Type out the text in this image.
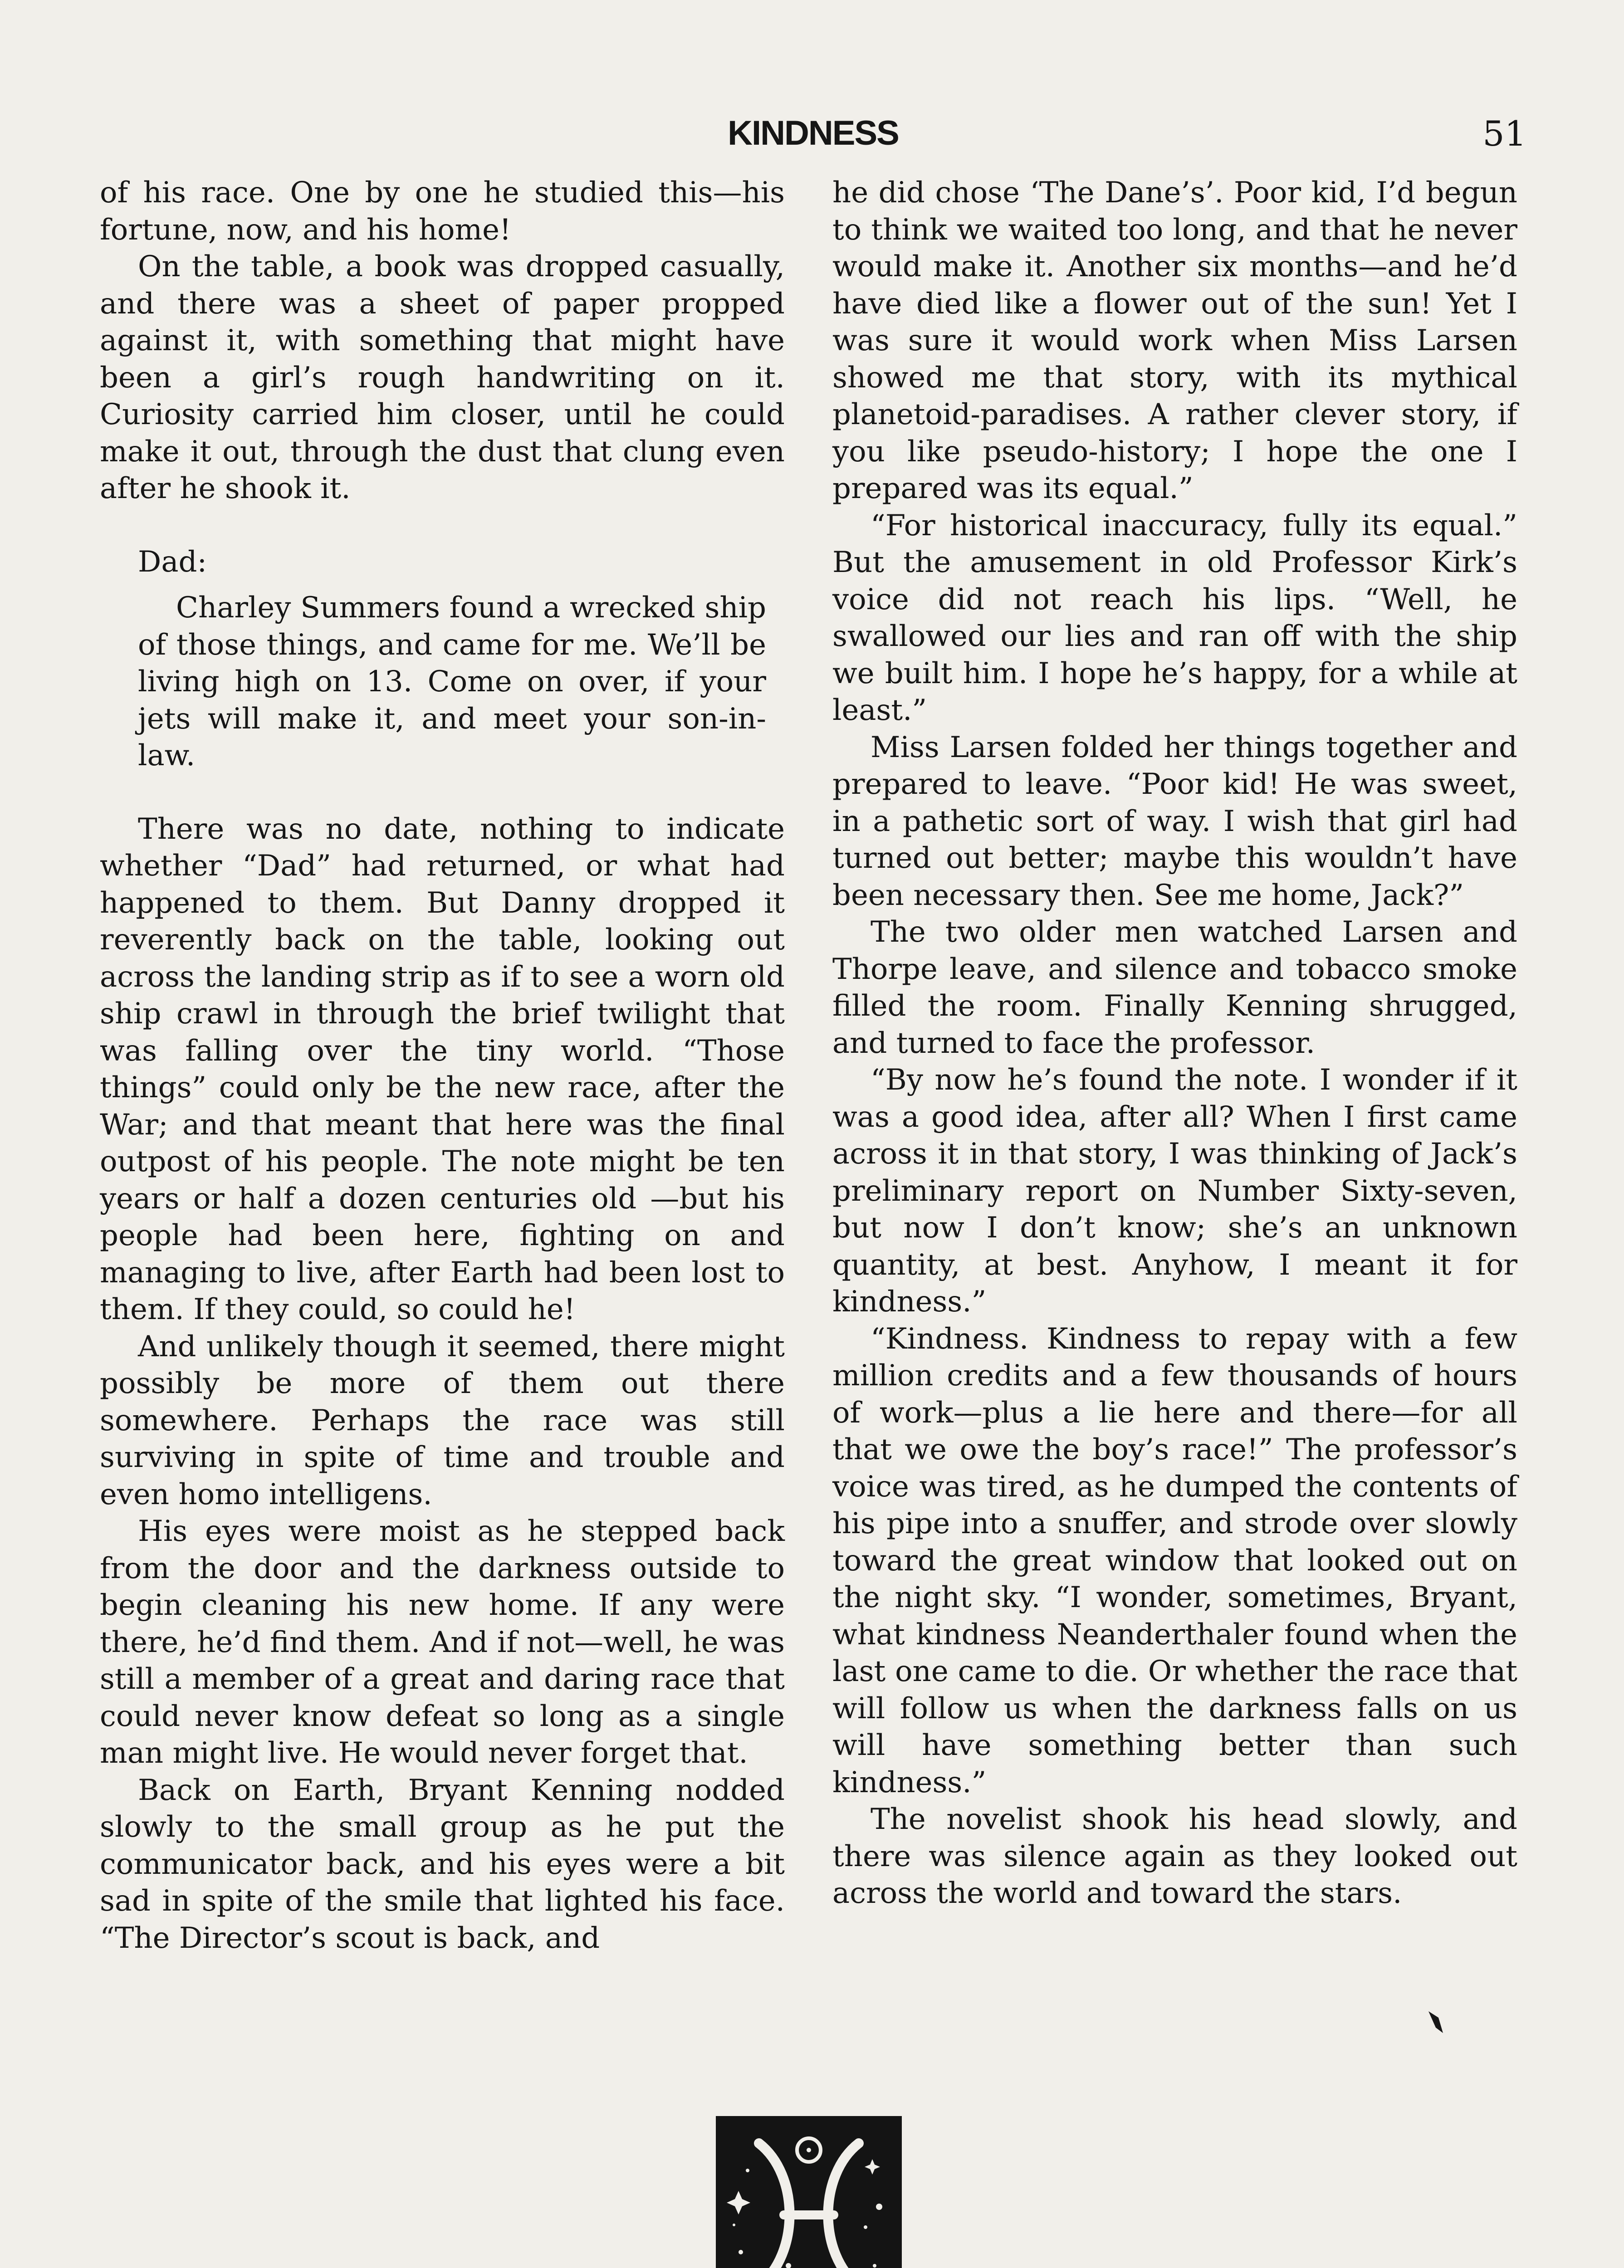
KINDNESS	51

of his race. One by one he studied this—his fortune, now, and his home!

On the table, a book was dropped casually, and there was a sheet of paper propped against it, with something that might have been a girl’s rough handwriting on it. Curiosity carried him closer, until he could make it out, through the dust that clung even after he shook it.

Dad:

Charley Summers found a wrecked ship of those things, and came for me. We’ll be living high on 13. Come on over, if your jets will make it, and meet your son-in-law.

There was no date, nothing to indicate whether “Dad” had returned, or what had happened to them. But Danny dropped it reverently back on the table, looking out across the landing strip as if to see a worn old ship crawl in through the brief twilight that was falling over the tiny world. “Those things” could only be the new race, after the War; and that meant that here was the final outpost of his people. The note might be ten years or half a dozen centuries old —but his people had been here, fighting on and managing to live, after Earth had been lost to them. If they could, so could he!

And unlikely though it seemed, there might possibly be more of them out there somewhere. Perhaps the race was still surviving in spite of time and trouble and even homo intelligens.

His eyes were moist as he stepped back from the door and the darkness outside to begin cleaning his new home. If any were there, he’d find them. And if not—well, he was still a member of a great and daring race that could never know defeat so long as a single man might live. He would never forget that.

Back on Earth, Bryant Kenning nodded slowly to the small group as he put the communicator back, and his eyes were a bit sad in spite of the smile that lighted his face. “The Director’s scout is back, and

he did chose ‘The Dane’s’. Poor kid, I’d begun to think we waited too long, and that he never would make it. Another six months—and he’d have died like a flower out of the sun! Yet I was sure it would work when Miss Larsen showed me that story, with its mythical planetoid-paradises. A rather clever story, if you like pseudo-history; I hope the one I prepared was its equal.”

“For historical inaccuracy, fully its equal.” But the amusement in old Professor Kirk’s voice did not reach his lips. “Well, he swallowed our lies and ran off with the ship we built him. I hope he’s happy, for a while at least.”

Miss Larsen folded her things together and prepared to leave. “Poor kid! He was sweet, in a pathetic sort of way. I wish that girl had turned out better; maybe this wouldn’t have been necessary then. See me home, Jack?”

The two older men watched Larsen and Thorpe leave, and silence and tobacco smoke filled the room. Finally Kenning shrugged, and turned to face the professor.

“By now he’s found the note. I wonder if it was a good idea, after all? When I first came across it in that story, I was thinking of Jack’s preliminary report on Number Sixty-seven, but now I don’t know; she’s an unknown quantity, at best. Anyhow, I meant it for kindness.”

“Kindness. Kindness to repay with a few million credits and a few thousands of hours of work—plus a lie here and there—for all that we owe the boy’s race!” The professor’s voice was tired, as he dumped the contents of his pipe into a snuffer, and strode over slowly toward the great window that looked out on the night sky. “I wonder, sometimes, Bryant, what kindness Neanderthaler found when the last one came to die. Or whether the race that will follow us when the darkness falls on us will have something better than such kindness.”

The novelist shook his head slowly, and there was silence again as they looked out across the world and toward the stars.
